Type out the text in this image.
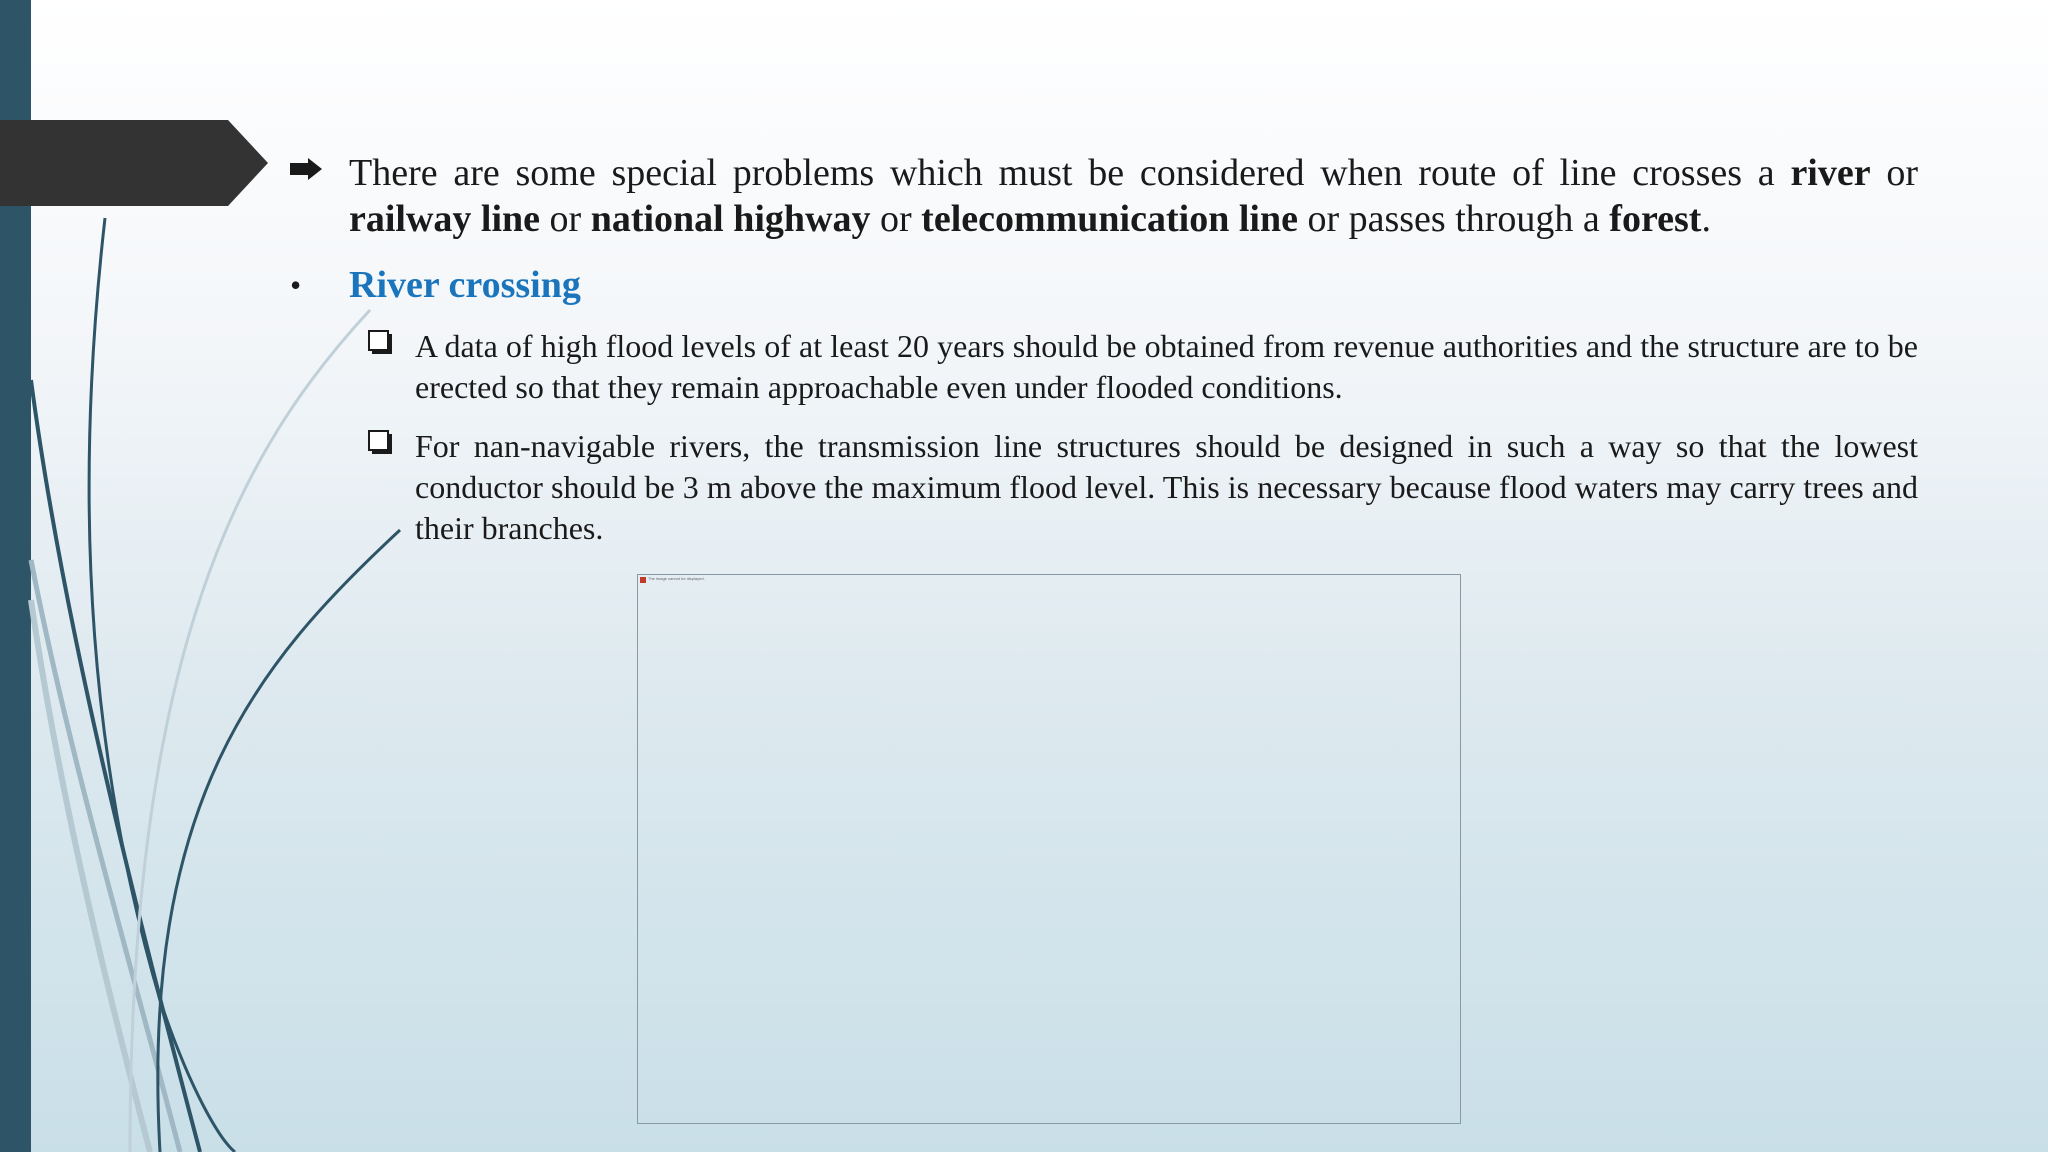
There are some special problems which must be considered when route of line crosses a river or railway line or national highway or telecommunication line or passes through a forest.
• River crossing
A data of high flood levels of at least 20 years should be obtained from revenue authorities and the structure are to be erected so that they remain approachable even under flooded conditions.
For nan-navigable rivers, the transmission line structures should be designed in such a way so that the lowest conductor should be 3 m above the maximum flood level. This is necessary because flood waters may carry trees and their branches.
The image cannot be displayed.
